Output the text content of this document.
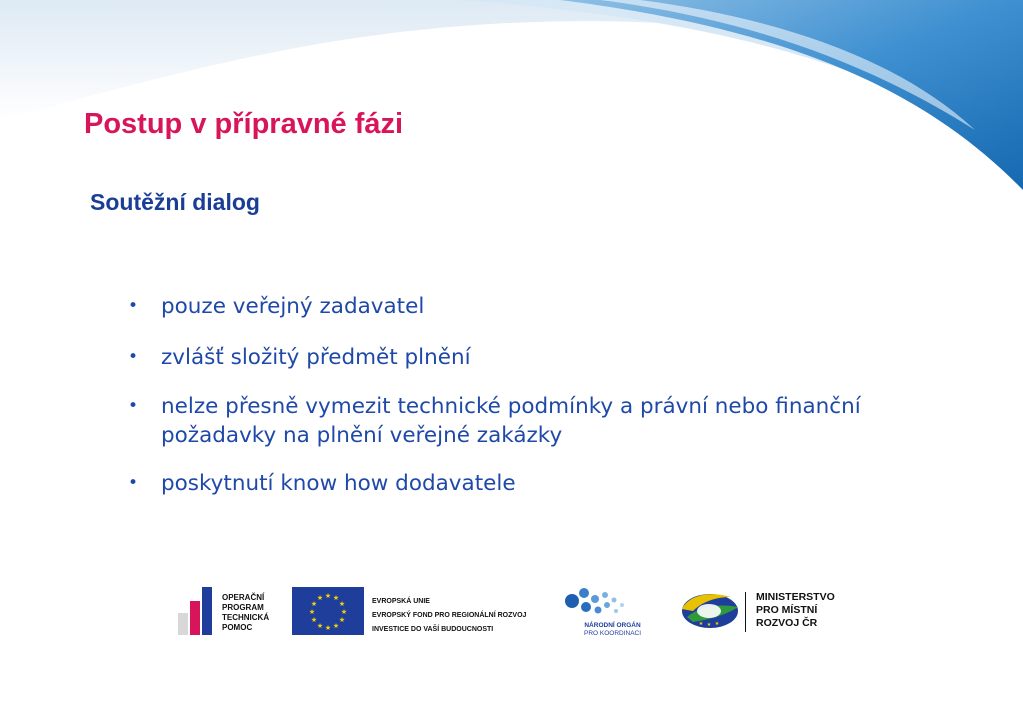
Postup v přípravné fázi
Soutěžní dialog
•	pouze veřejný zadavatel
•	zvlášť složitý předmět plnění
•	nelze přesně vymezit technické podmínky a právní nebo finanční požadavky na plnění veřejné zakázky
•	poskytnutí know how dodavatele
OPERAČNÍ
PROGRAM
TECHNICKÁ
POMOC
★ ★
★
★
★
★
★
★
★
★
★
★	EVROPSKÁ UNIE
EVROPSKÝ FOND PRO REGIONÁLNÍ ROZVOJ
INVESTICE DO VAŠÍ BUDOUCNOSTI
NÁRODNÍ ORGÁN
PRO KOORDINACI
★ ★ ★
MINISTERSTVO
PRO MÍSTNÍ
ROZVOJ ČR
